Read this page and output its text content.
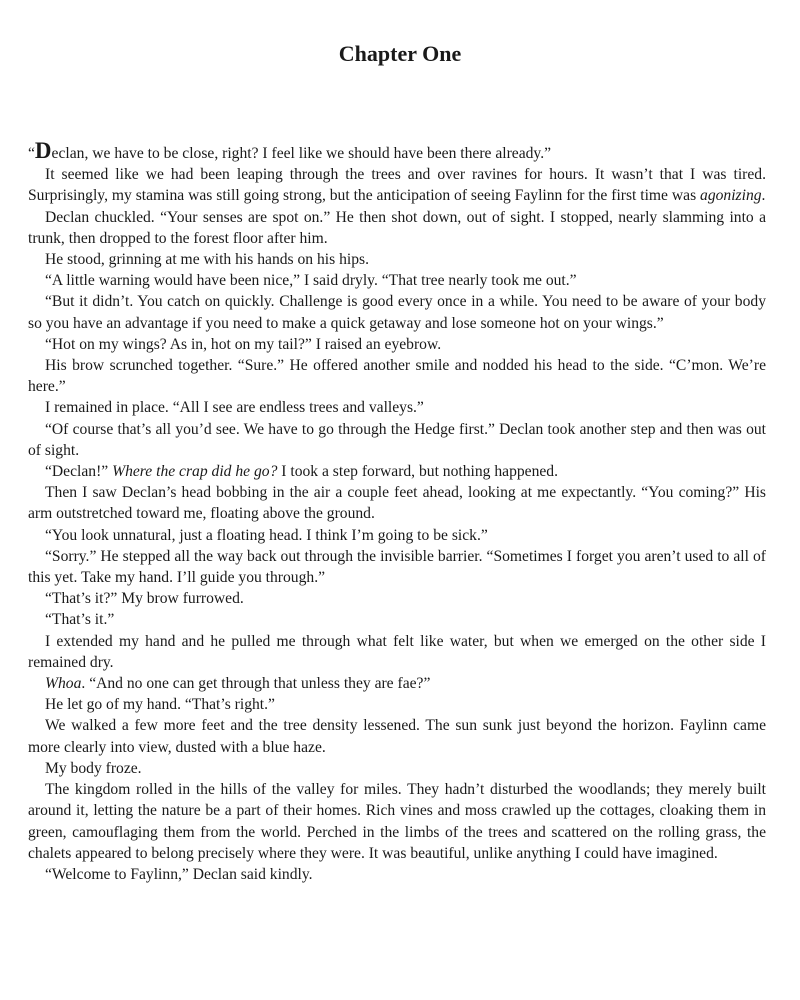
Chapter One

“Declan, we have to be close, right? I feel like we should have been there already.”

It seemed like we had been leaping through the trees and over ravines for hours. It wasn’t that I was tired. Surprisingly, my stamina was still going strong, but the anticipation of seeing Faylinn for the first time was agonizing.

Declan chuckled. “Your senses are spot on.” He then shot down, out of sight. I stopped, nearly slamming into a trunk, then dropped to the forest floor after him.

He stood, grinning at me with his hands on his hips.

“A little warning would have been nice,” I said dryly. “That tree nearly took me out.”

“But it didn’t. You catch on quickly. Challenge is good every once in a while. You need to be aware of your body so you have an advantage if you need to make a quick getaway and lose someone hot on your wings.”

“Hot on my wings? As in, hot on my tail?” I raised an eyebrow.

His brow scrunched together. “Sure.” He offered another smile and nodded his head to the side. “C’mon. We’re here.”

I remained in place. “All I see are endless trees and valleys.”

“Of course that’s all you’d see. We have to go through the Hedge first.” Declan took another step and then was out of sight.

“Declan!” Where the crap did he go? I took a step forward, but nothing happened.

Then I saw Declan’s head bobbing in the air a couple feet ahead, looking at me expectantly. “You coming?” His arm outstretched toward me, floating above the ground.

“You look unnatural, just a floating head. I think I’m going to be sick.”

“Sorry.” He stepped all the way back out through the invisible barrier. “Sometimes I forget you aren’t used to all of this yet. Take my hand. I’ll guide you through.”

“That’s it?” My brow furrowed.

“That’s it.”

I extended my hand and he pulled me through what felt like water, but when we emerged on the other side I remained dry.

Whoa. “And no one can get through that unless they are fae?”

He let go of my hand. “That’s right.”

We walked a few more feet and the tree density lessened. The sun sunk just beyond the horizon. Faylinn came more clearly into view, dusted with a blue haze.

My body froze.

The kingdom rolled in the hills of the valley for miles. They hadn’t disturbed the woodlands; they merely built around it, letting the nature be a part of their homes. Rich vines and moss crawled up the cottages, cloaking them in green, camouflaging them from the world. Perched in the limbs of the trees and scattered on the rolling grass, the chalets appeared to belong precisely where they were. It was beautiful, unlike anything I could have imagined.

“Welcome to Faylinn,” Declan said kindly.
